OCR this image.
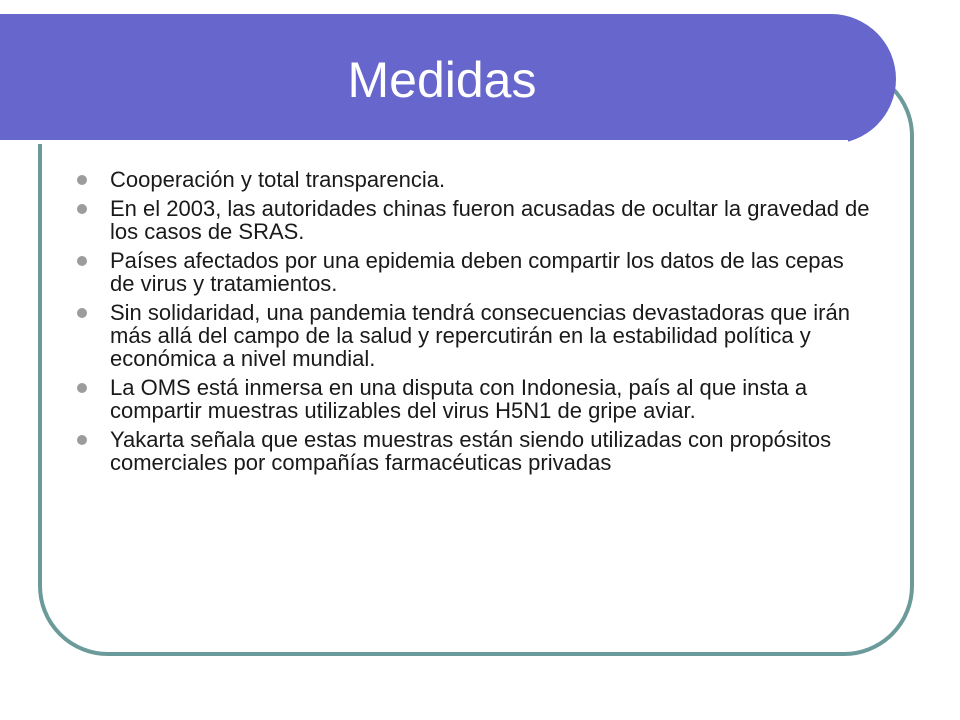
Medidas
Cooperación y total transparencia.
En el 2003, las autoridades chinas fueron acusadas de ocultar la gravedad de los casos de SRAS.
Países afectados por una epidemia deben compartir los datos de las cepas de virus y tratamientos.
Sin solidaridad, una pandemia tendrá consecuencias devastadoras que irán más allá del campo de la salud y repercutirán en la estabilidad política y económica a nivel mundial.
La OMS está inmersa en una disputa con Indonesia, país al que insta a compartir muestras utilizables del virus H5N1 de gripe aviar.
Yakarta señala que estas muestras están siendo utilizadas con propósitos comerciales por compañías farmacéuticas privadas
